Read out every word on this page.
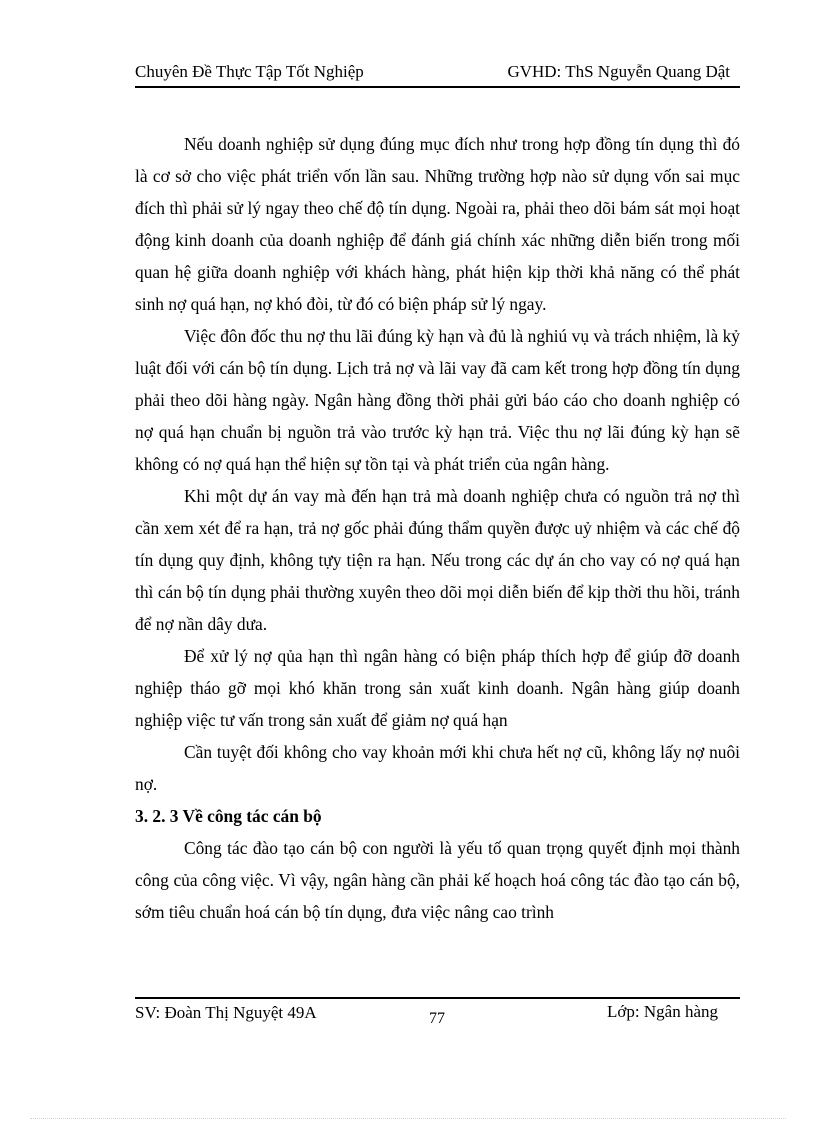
Chuyên Đề Thực Tập Tốt Nghiệp	GVHD: ThS Nguyễn Quang Dật

Nếu doanh nghiệp sử dụng đúng mục đích như trong hợp đồng tín dụng thì đó là cơ sở cho việc phát triển vốn lần sau. Những trường hợp nào sử dụng vốn sai mục đích thì phải sử lý ngay theo chế độ tín dụng. Ngoài ra, phải theo dõi bám sát mọi hoạt động kinh doanh của doanh nghiệp để đánh giá chính xác những diễn biến trong mối quan hệ giữa doanh nghiệp với khách hàng, phát hiện kịp thời khả năng có thể phát sinh nợ quá hạn, nợ khó đòi, từ đó có biện pháp sử lý ngay.

Việc đôn đốc thu nợ thu lãi đúng kỳ hạn và đủ là nghiú vụ và trách nhiệm, là kỷ luật đối với cán bộ tín dụng. Lịch trả nợ và lãi vay đã cam kết trong hợp đồng tín dụng phải theo dõi hàng ngày. Ngân hàng đồng thời phải gửi báo cáo cho doanh nghiệp có nợ quá hạn chuẩn bị nguồn trả vào trước kỳ hạn trả. Việc thu nợ lãi đúng kỳ hạn sẽ không có nợ quá hạn thể hiện sự tồn tại và phát triển của ngân hàng.

Khi một dự án vay mà đến hạn trả mà doanh nghiệp chưa có nguồn trả nợ thì cần xem xét để ra hạn, trả nợ gốc phải đúng thẩm quyền được uỷ nhiệm và các chế độ tín dụng quy định, không tựy tiện ra hạn. Nếu trong các dự án cho vay có nợ quá hạn thì cán bộ tín dụng phải thường xuyên theo dõi mọi diễn biến để kịp thời thu hồi, tránh để nợ nần dây dưa.

Để xử lý nợ qủa hạn thì ngân hàng có biện pháp thích hợp để giúp đỡ doanh nghiệp tháo gỡ mọi khó khăn trong sản xuất kinh doanh. Ngân hàng giúp doanh nghiệp việc tư vấn trong sản xuất để giảm nợ quá hạn

Cần tuyệt đối không cho vay khoản mới khi chưa hết nợ cũ, không lấy nợ nuôi nợ.

3. 2. 3 Về công tác cán bộ

Công tác đào tạo cán bộ con người là yếu tố quan trọng quyết định mọi thành công của công việc. Vì vậy, ngân hàng cần phải kế hoạch hoá công tác đào tạo cán bộ, sớm tiêu chuẩn hoá cán bộ tín dụng, đưa việc nâng cao trình

SV: Đoàn Thị Nguyệt 49A	77	Lớp: Ngân hàng
